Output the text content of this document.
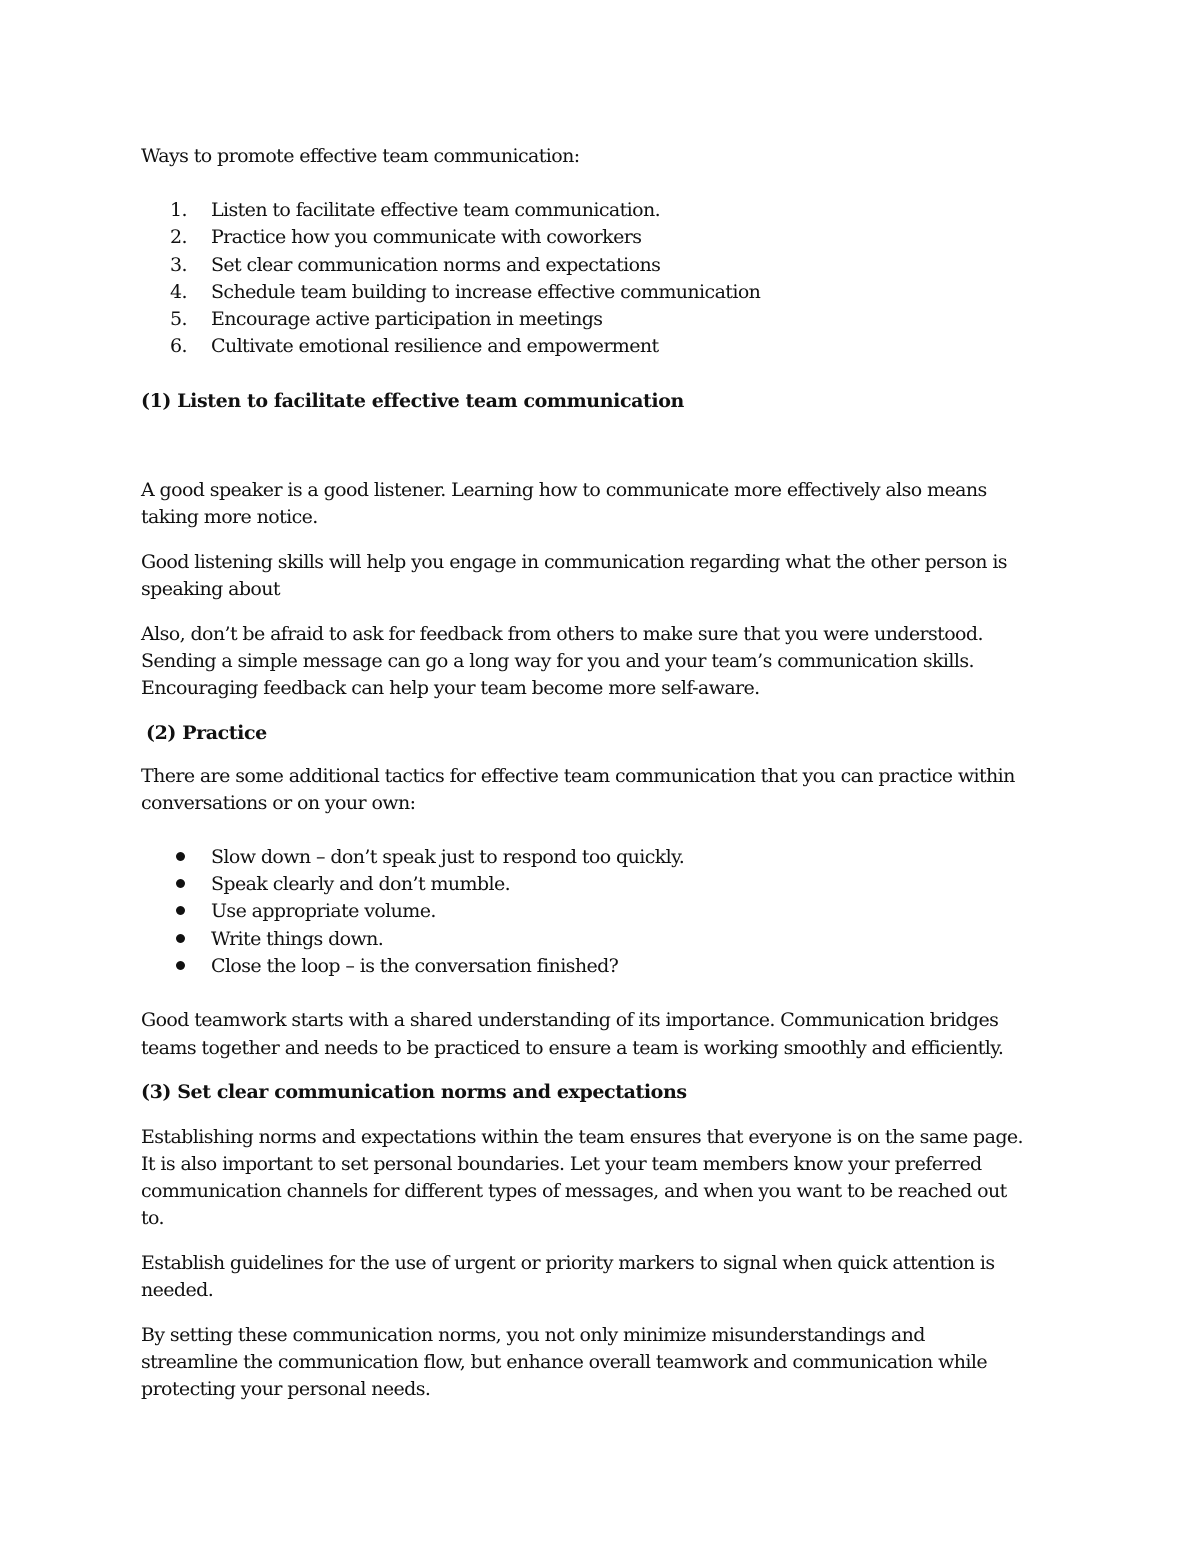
Ways to promote effective team communication:

1. Listen to facilitate effective team communication.
2. Practice how you communicate with coworkers
3. Set clear communication norms and expectations
4. Schedule team building to increase effective communication
5. Encourage active participation in meetings
6. Cultivate emotional resilience and empowerment

(1) Listen to facilitate effective team communication

A good speaker is a good listener. Learning how to communicate more effectively also means

taking more notice.

Good listening skills will help you engage in communication regarding what the other person is

speaking about

Also, don’t be afraid to ask for feedback from others to make sure that you were understood.

Sending a simple message can go a long way for you and your team’s communication skills.

Encouraging feedback can help your team become more self-aware.

(2) Practice

There are some additional tactics for effective team communication that you can practice within

conversations or on your own:

Slow down – don’t speak just to respond too quickly.
Speak clearly and don’t mumble.
Use appropriate volume.
Write things down.
Close the loop – is the conversation finished?

Good teamwork starts with a shared understanding of its importance. Communication bridges

teams together and needs to be practiced to ensure a team is working smoothly and efficiently.

(3) Set clear communication norms and expectations

Establishing norms and expectations within the team ensures that everyone is on the same page.

It is also important to set personal boundaries. Let your team members know your preferred

communication channels for different types of messages, and when you want to be reached out

to.

Establish guidelines for the use of urgent or priority markers to signal when quick attention is

needed.

By setting these communication norms, you not only minimize misunderstandings and

streamline the communication flow, but enhance overall teamwork and communication while

protecting your personal needs.
